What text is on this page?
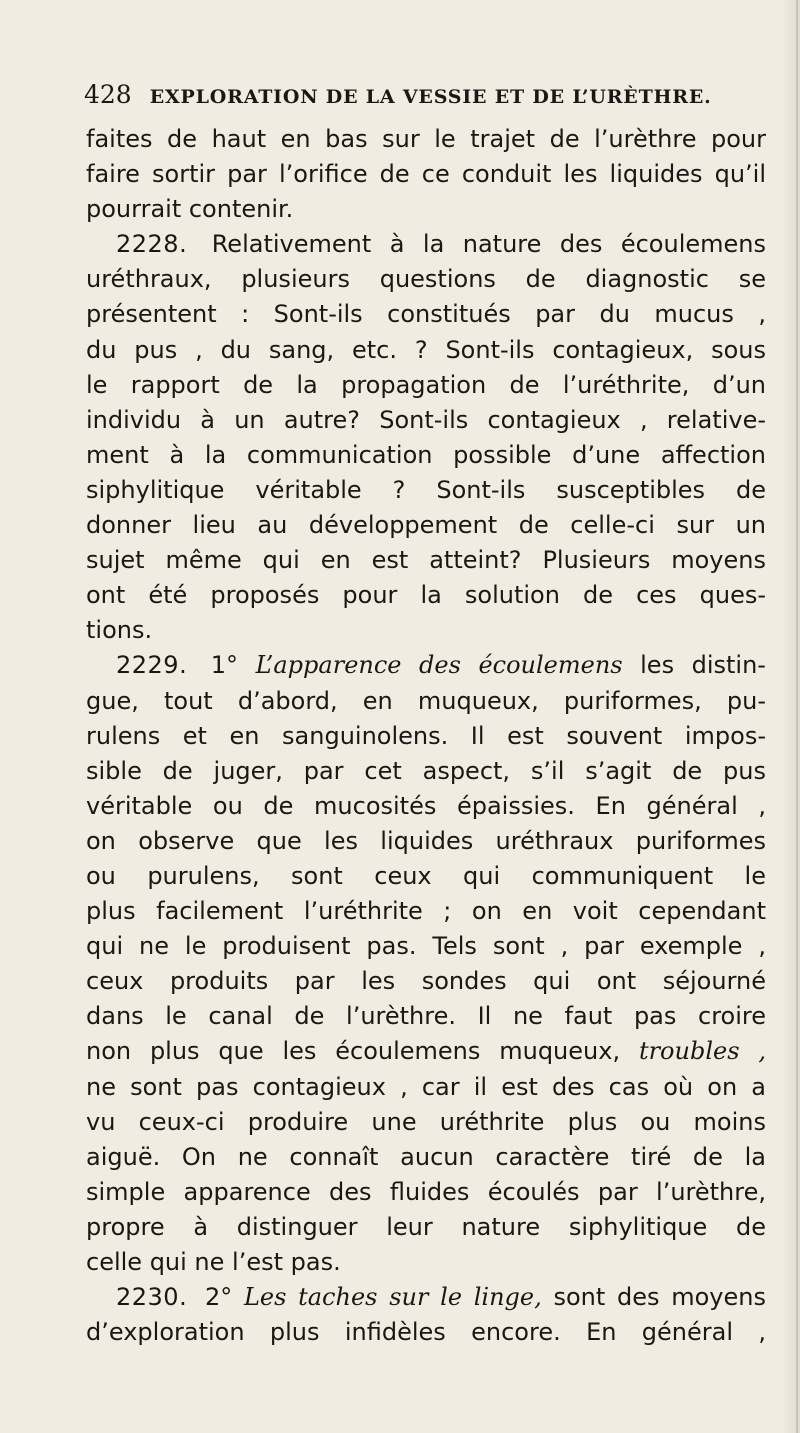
428 EXPLORATION DE LA VESSIE ET DE L’URÈTHRE.
faites de haut en bas sur le trajet de l’urèthre pour
faire sortir par l’orifice de ce conduit les liquides qu’il
pourrait contenir.
2228. Relativement à la nature des écoulemens
uréthraux, plusieurs questions de diagnostic se
présentent : Sont-ils constitués par du mucus ,
du pus , du sang, etc. ? Sont-ils contagieux, sous
le rapport de la propagation de l’uréthrite, d’un
individu à un autre? Sont-ils contagieux , relative-
ment à la communication possible d’une affection
siphylitique véritable ? Sont-ils susceptibles de
donner lieu au développement de celle-ci sur un
sujet même qui en est atteint? Plusieurs moyens
ont été proposés pour la solution de ces ques-
tions.
2229. 1° L’apparence des écoulemens les distin-
gue, tout d’abord, en muqueux, puriformes, pu-
rulens et en sanguinolens. Il est souvent impos-
sible de juger, par cet aspect, s’il s’agit de pus
véritable ou de mucosités épaissies. En général ,
on observe que les liquides uréthraux puriformes
ou purulens, sont ceux qui communiquent le
plus facilement l’uréthrite ; on en voit cependant
qui ne le produisent pas. Tels sont , par exemple ,
ceux produits par les sondes qui ont séjourné
dans le canal de l’urèthre. Il ne faut pas croire
non plus que les écoulemens muqueux, troubles ,
ne sont pas contagieux , car il est des cas où on a
vu ceux-ci produire une uréthrite plus ou moins
aiguë. On ne connaît aucun caractère tiré de la
simple apparence des fluides écoulés par l’urèthre,
propre à distinguer leur nature siphylitique de
celle qui ne l’est pas.
2230. 2° Les taches sur le linge, sont des moyens
d’exploration plus infidèles encore. En général ,
